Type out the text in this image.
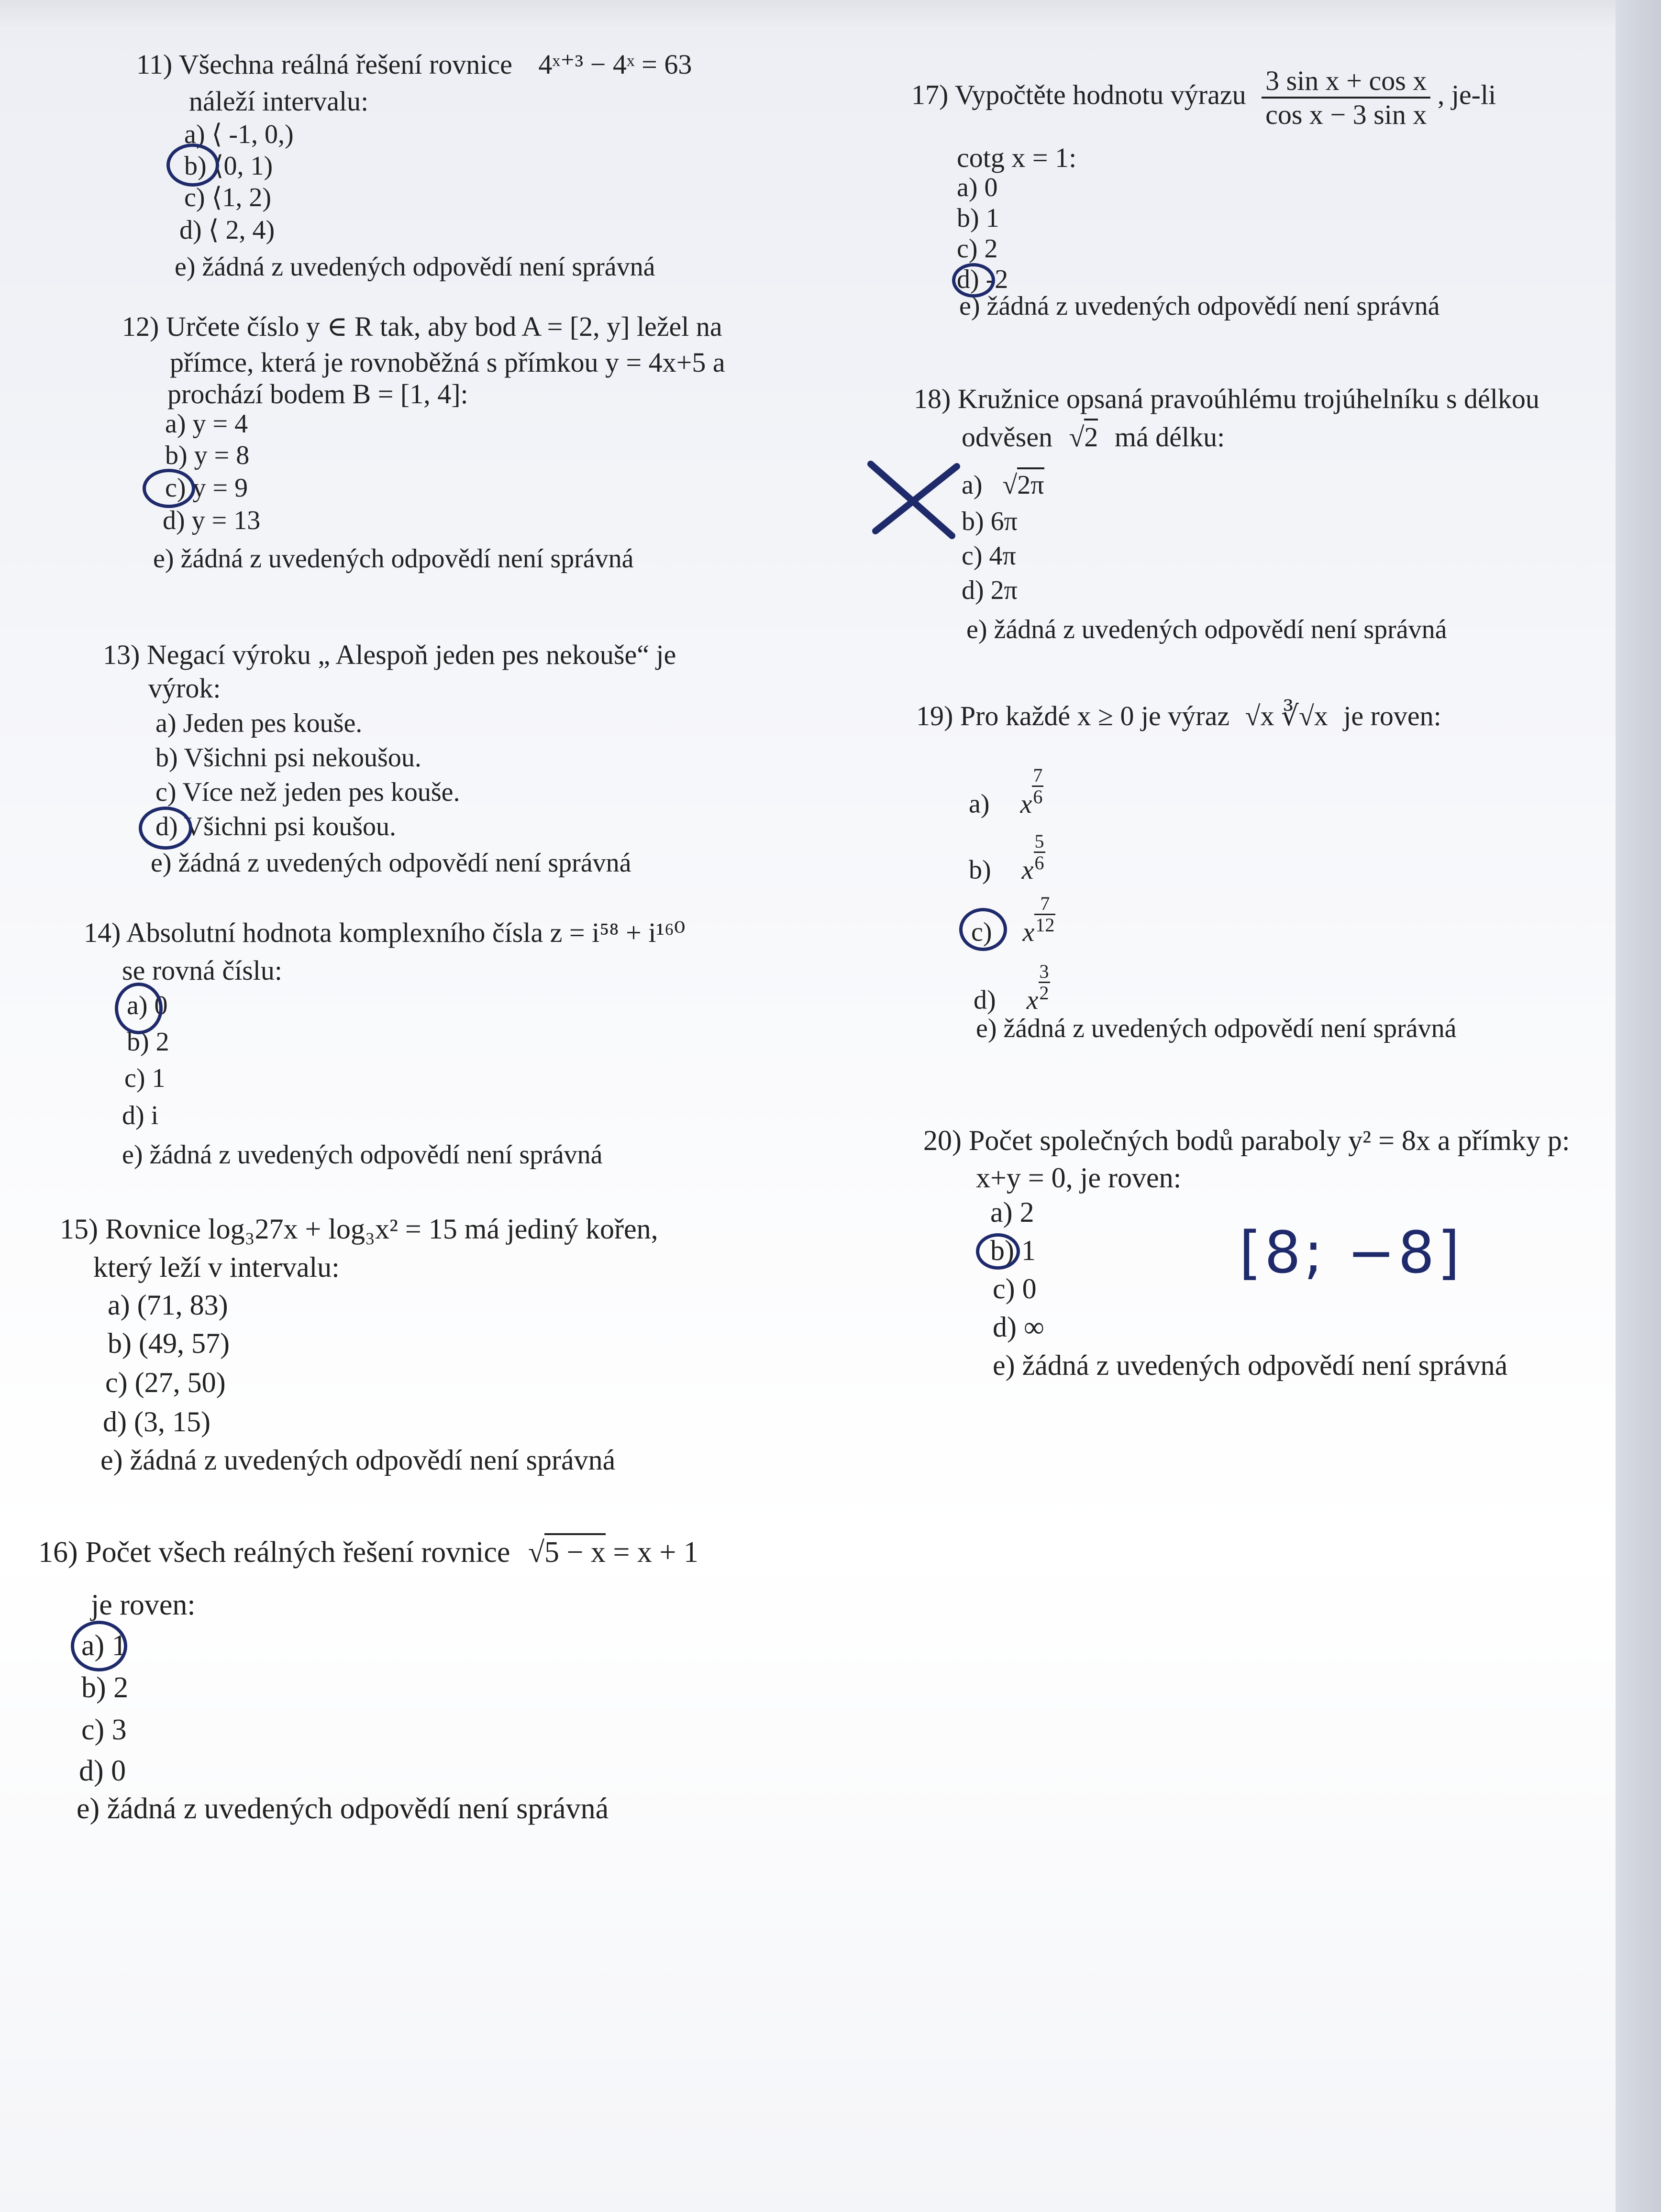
11) Všechna reálná řešení rovnice 4ˣ⁺³ − 4ˣ = 63
náleží intervalu:
a) ⟨ -1, 0,)
b) ⟨0, 1)
c) ⟨1, 2)
d) ⟨ 2, 4)
e) žádná z uvedených odpovědí není správná
12) Určete číslo y ∈ R tak, aby bod A = [2, y] ležel na
přímce, která je rovnoběžná s přímkou y = 4x+5 a
prochází bodem B = [1, 4]:
a) y = 4
b) y = 8
c) y = 9
d) y = 13
e) žádná z uvedených odpovědí není správná
13) Negací výroku „ Alespoň jeden pes nekouše“ je
výrok:
a) Jeden pes kouše.
b) Všichni psi nekoušou.
c) Více než jeden pes kouše.
d) Všichni psi koušou.
e) žádná z uvedených odpovědí není správná
14) Absolutní hodnota komplexního čísla z = i⁵⁸ + i¹⁶⁰
se rovná číslu:
a) 0
b) 2
c) 1
d) i
e) žádná z uvedených odpovědí není správná
15) Rovnice log₃27x + log₃x² = 15 má jediný kořen,
který leží v intervalu:
a) (71, 83)
b) (49, 57)
c) (27, 50)
d) (3, 15)
e) žádná z uvedených odpovědí není správná
16) Počet všech reálných řešení rovnice √5 − x = x + 1
je roven:
a) 1
b) 2
c) 3
d) 0
e) žádná z uvedených odpovědí není správná
17) Vypočtěte hodnotu výrazu $\frac{\text{3 sin x + cos x}}{\text{cos x − 3 sin x}}$ , je-li
cotg x = 1:
a) 0
b) 1
c) 2
d) -2
e) žádná z uvedených odpovědí není správná
18) Kružnice opsaná pravoúhlému trojúhelníku s délkou
odvěsen √2 má délku:
a) √2π
b) 6π
c) 4π
d) 2π
e) žádná z uvedených odpovědí není správná
19) Pro každé x ≥ 0 je výraz √x ∛√x je roven:
a) x $\frac{7}{6}$
b) x $\frac{5}{6}$
c) x $\frac{7}{12}$
d) x $\frac{3}{2}$
e) žádná z uvedených odpovědí není správná
20) Počet společných bodů paraboly y² = 8x a přímky p:
x+y = 0, je roven:
a) 2
b) 1
c) 0
d) ∞
e) žádná z uvedených odpovědí není správná
[8; −8]
